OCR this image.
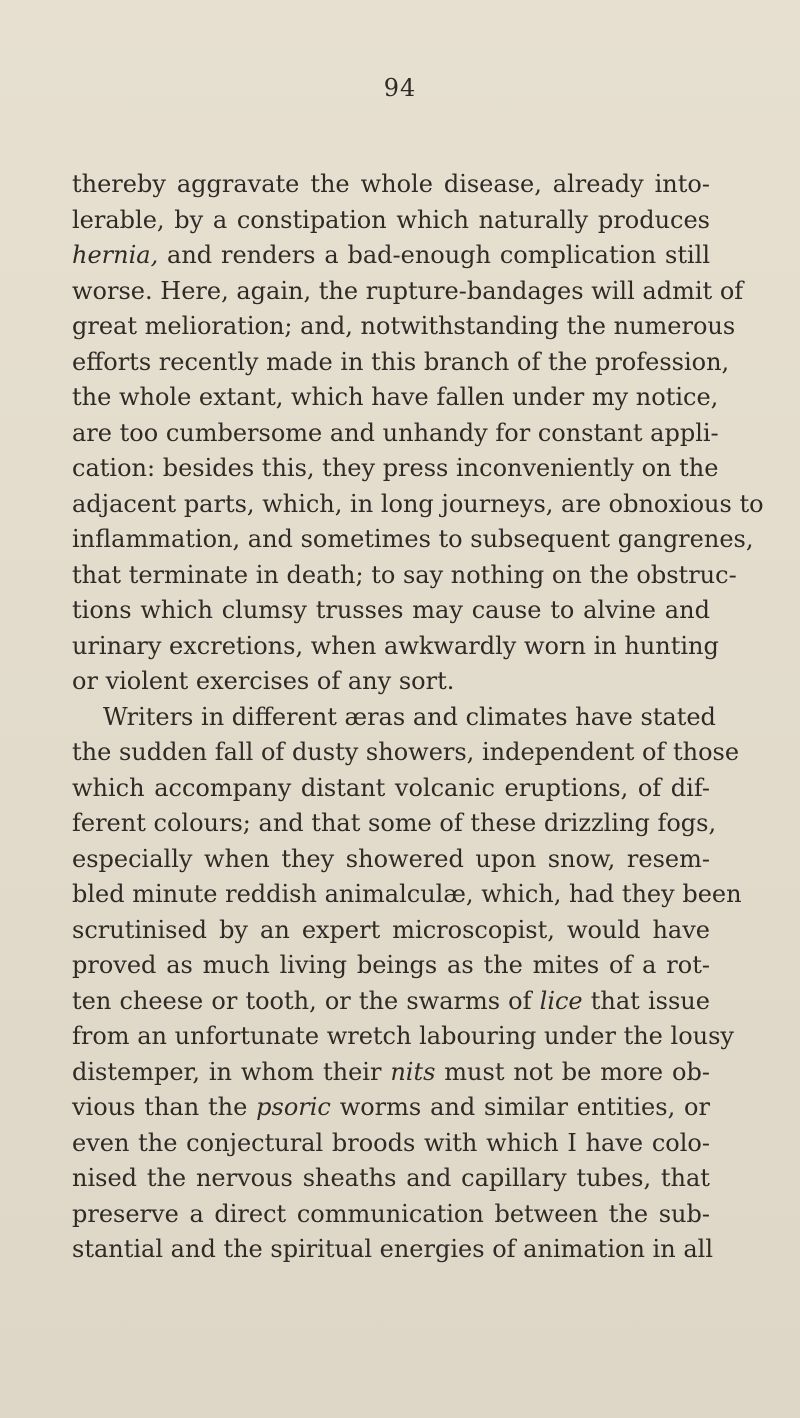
94
thereby aggravate the whole disease, already into-
lerable, by a constipation which naturally produces
hernia, and renders a bad-enough complication still
worse. Here, again, the rupture-bandages will admit of
great melioration; and, notwithstanding the numerous
efforts recently made in this branch of the profession,
the whole extant, which have fallen under my notice,
are too cumbersome and unhandy for constant appli-
cation: besides this, they press inconveniently on the
adjacent parts, which, in long journeys, are obnoxious to
inflammation, and sometimes to subsequent gangrenes,
that terminate in death; to say nothing on the obstruc-
tions which clumsy trusses may cause to alvine and
urinary excretions, when awkwardly worn in hunting
or violent exercises of any sort.
Writers in different æras and climates have stated
the sudden fall of dusty showers, independent of those
which accompany distant volcanic eruptions, of dif-
ferent colours; and that some of these drizzling fogs,
especially when they showered upon snow, resem-
bled minute reddish animalculæ, which, had they been
scrutinised by an expert microscopist, would have
proved as much living beings as the mites of a rot-
ten cheese or tooth, or the swarms of lice that issue
from an unfortunate wretch labouring under the lousy
distemper, in whom their nits must not be more ob-
vious than the psoric worms and similar entities, or
even the conjectural broods with which I have colo-
nised the nervous sheaths and capillary tubes, that
preserve a direct communication between the sub-
stantial and the spiritual energies of animation in all
